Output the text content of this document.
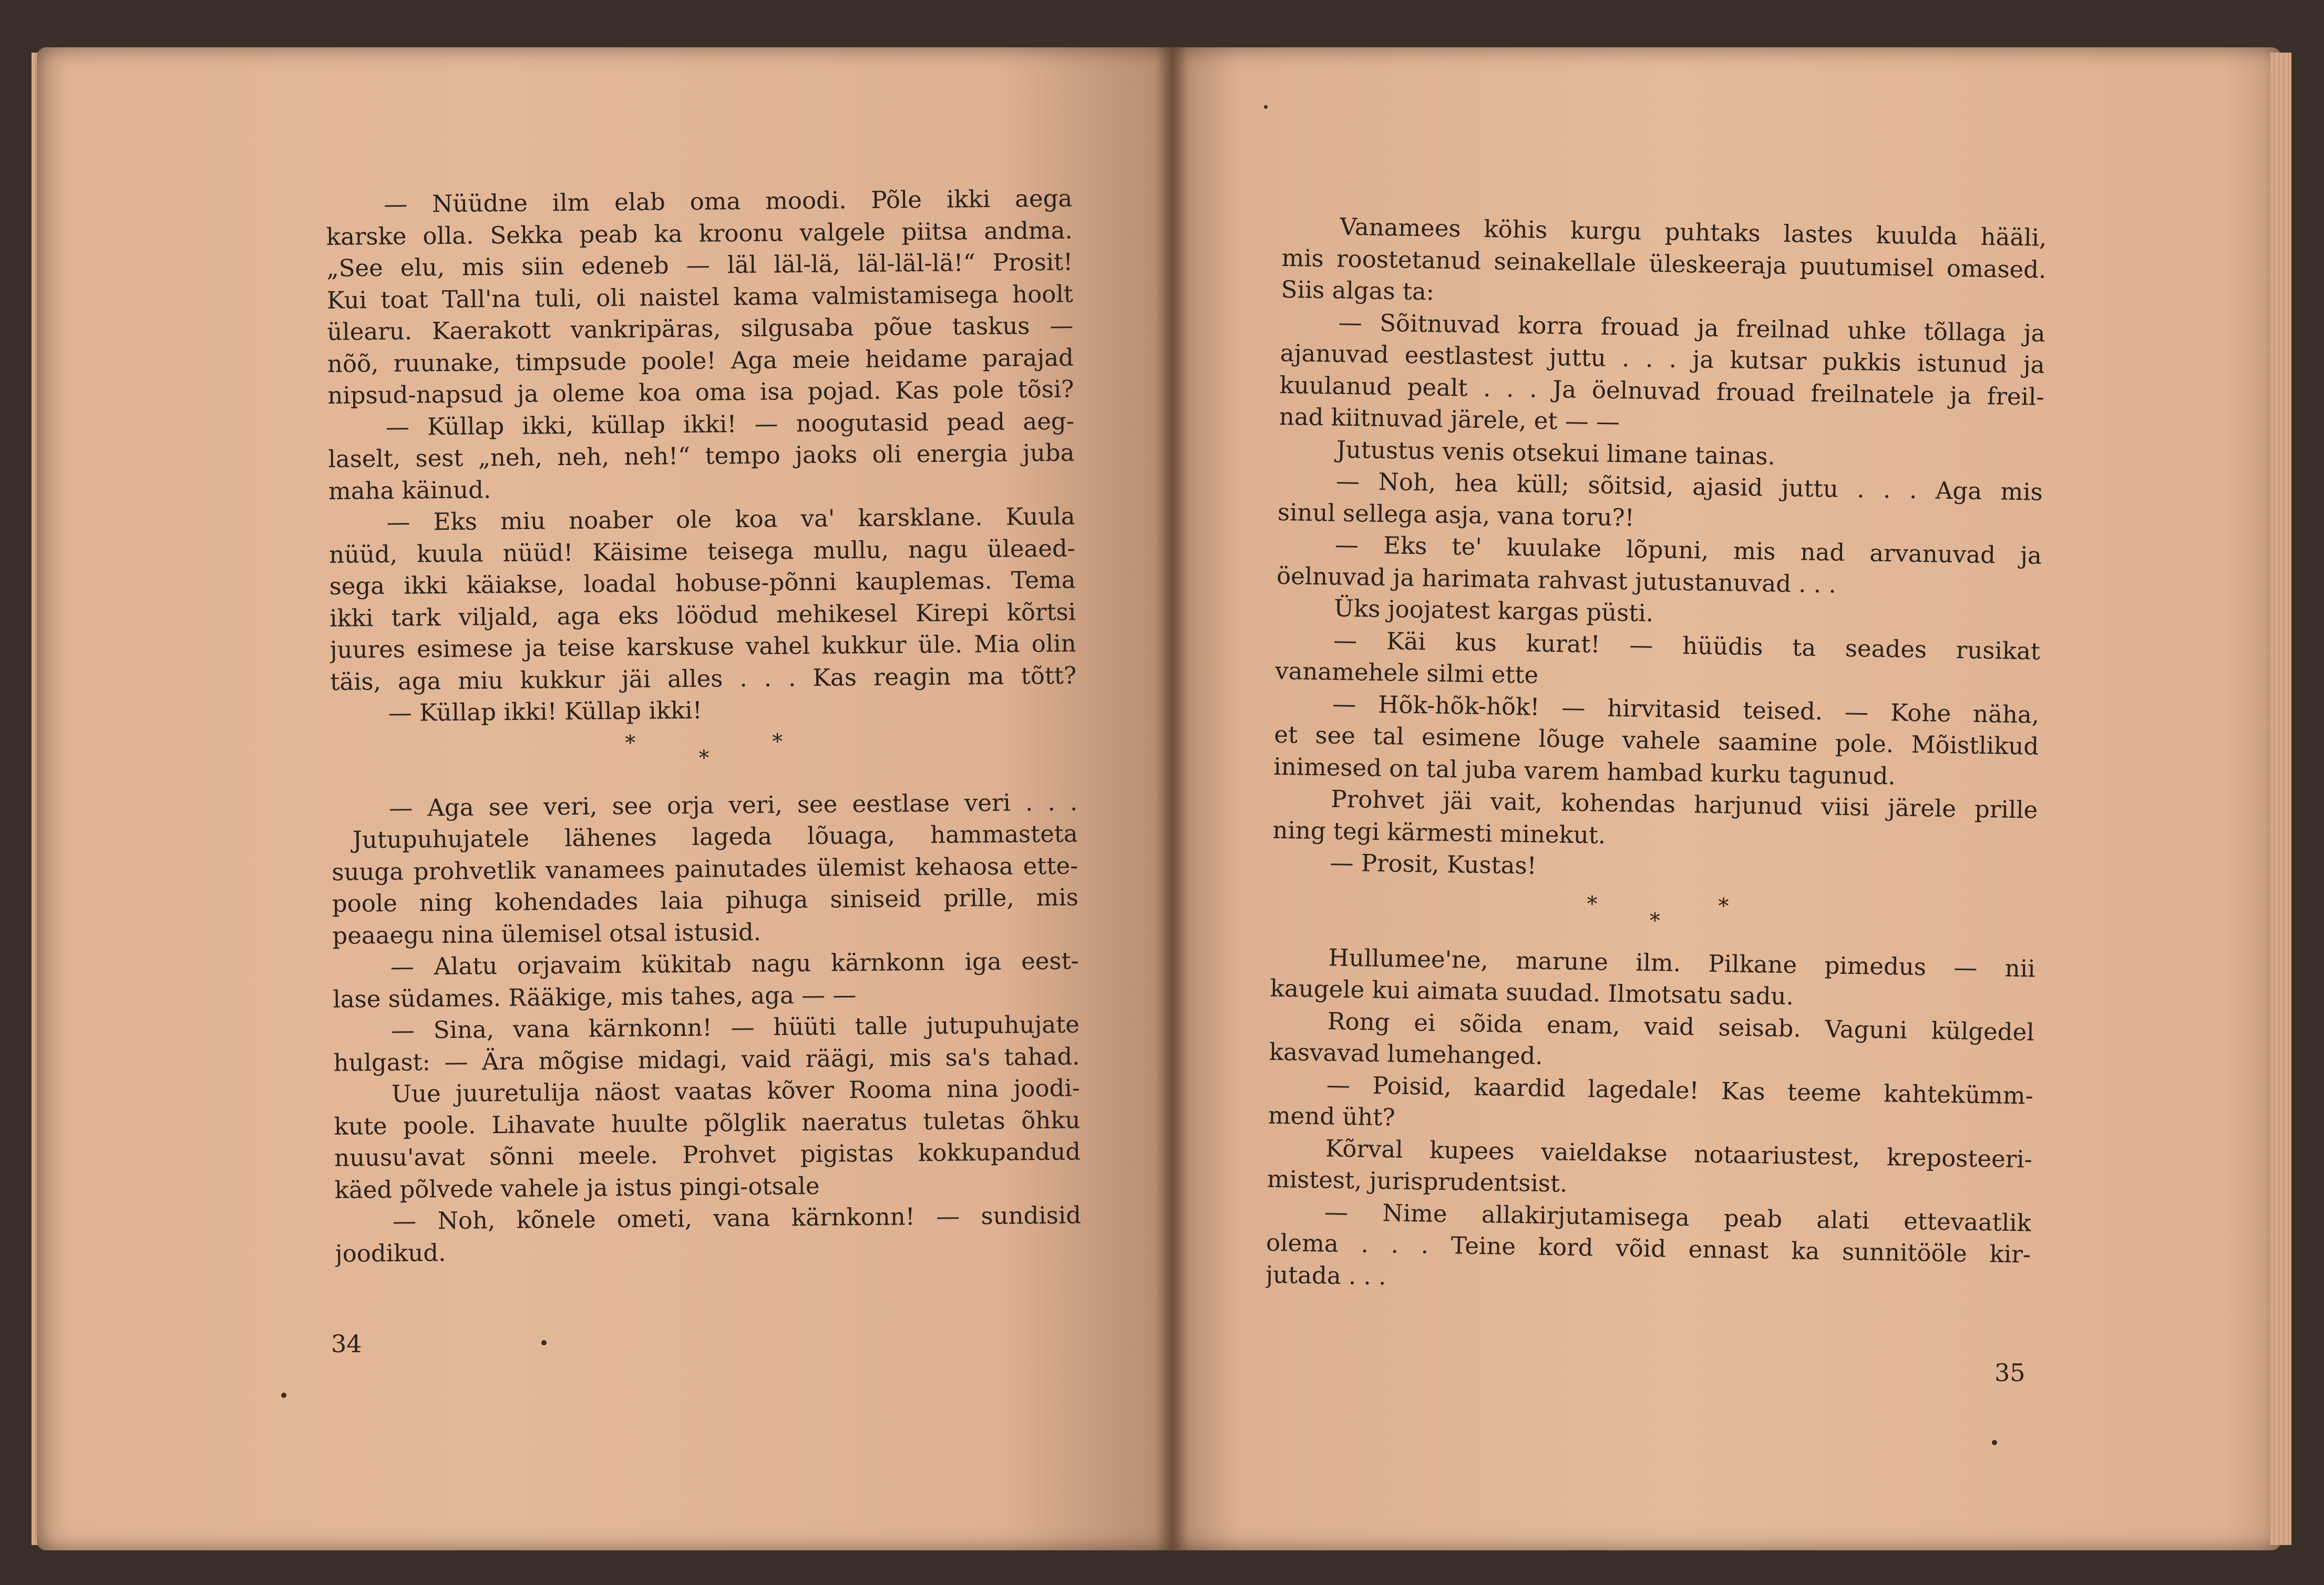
— Nüüdne ilm elab oma moodi. Põle ikki aega
karske olla. Sekka peab ka kroonu valgele piitsa andma.
„See elu, mis siin edeneb — läl läl-lä, läl-läl-lä!“ Prosit!
Kui toat Tall'na tuli, oli naistel kama valmistamisega hoolt
ülearu. Kaerakott vankripäras, silgusaba põue taskus —
nõõ, ruunake, timpsude poole! Aga meie heidame parajad
nipsud-napsud ja oleme koa oma isa pojad. Kas pole tõsi?
— Küllap ikki, küllap ikki! — noogutasid pead aeg-
laselt, sest „neh, neh, neh!“ tempo jaoks oli energia juba
maha käinud.
— Eks miu noaber ole koa va' karsklane. Kuula
nüüd, kuula nüüd! Käisime teisega mullu, nagu üleaed-
sega ikki käiakse, loadal hobuse-põnni kauplemas. Tema
ikki tark viljald, aga eks löödud mehikesel Kirepi kõrtsi
juures esimese ja teise karskuse vahel kukkur üle. Mia olin
täis, aga miu kukkur jäi alles . . . Kas reagin ma tõtt?
— Küllap ikki! Küllap ikki!
*
*
*
— Aga see veri, see orja veri, see eestlase veri . . .
Jutupuhujatele lähenes lageda lõuaga, hammasteta
suuga prohvetlik vanamees painutades ülemist kehaosa ette-
poole ning kohendades laia pihuga siniseid prille, mis
peaaegu nina ülemisel otsal istusid.
— Alatu orjavaim kükitab nagu kärnkonn iga eest-
lase südames. Rääkige, mis tahes, aga — —
— Sina, vana kärnkonn! — hüüti talle jutupuhujate
hulgast: — Ära mõgise midagi, vaid räägi, mis sa's tahad.
Uue juuretulija näost vaatas kõver Rooma nina joodi-
kute poole. Lihavate huulte põlglik naeratus tuletas õhku
nuusu'avat sõnni meele. Prohvet pigistas kokkupandud
käed põlvede vahele ja istus pingi-otsale
— Noh, kõnele ometi, vana kärnkonn! — sundisid
joodikud.
34
Vanamees köhis kurgu puhtaks lastes kuulda hääli,
mis roostetanud seinakellale üleskeeraja puutumisel omased.
Siis algas ta:
— Sõitnuvad korra frouad ja freilnad uhke tõllaga ja
ajanuvad eestlastest juttu . . . ja kutsar pukkis istunud ja
kuulanud pealt . . . Ja öelnuvad frouad freilnatele ja freil-
nad kiitnuvad järele, et — —
Jutustus venis otsekui limane tainas.
— Noh, hea küll; sõitsid, ajasid juttu . . . Aga mis
sinul sellega asja, vana toru?!
— Eks te' kuulake lõpuni, mis nad arvanuvad ja
öelnuvad ja harimata rahvast jutustanuvad . . .
Üks joojatest kargas püsti.
— Käi kus kurat! — hüüdis ta seades rusikat
vanamehele silmi ette
— Hõk-hõk-hõk! — hirvitasid teised. — Kohe näha,
et see tal esimene lõuge vahele saamine pole. Mõistlikud
inimesed on tal juba varem hambad kurku tagunud.
Prohvet jäi vait, kohendas harjunud viisi järele prille
ning tegi kärmesti minekut.
— Prosit, Kustas!
*
*
*
Hullumee'ne, marune ilm. Pilkane pimedus — nii
kaugele kui aimata suudad. Ilmotsatu sadu.
Rong ei sõida enam, vaid seisab. Vaguni külgedel
kasvavad lumehanged.
— Poisid, kaardid lagedale! Kas teeme kahtekümm-
mend üht?
Kõrval kupees vaieldakse notaariustest, kreposteeri-
mistest, jurisprudentsist.
— Nime allakirjutamisega peab alati ettevaatlik
olema . . . Teine kord võid ennast ka sunnitööle kir-
jutada . . .
35
